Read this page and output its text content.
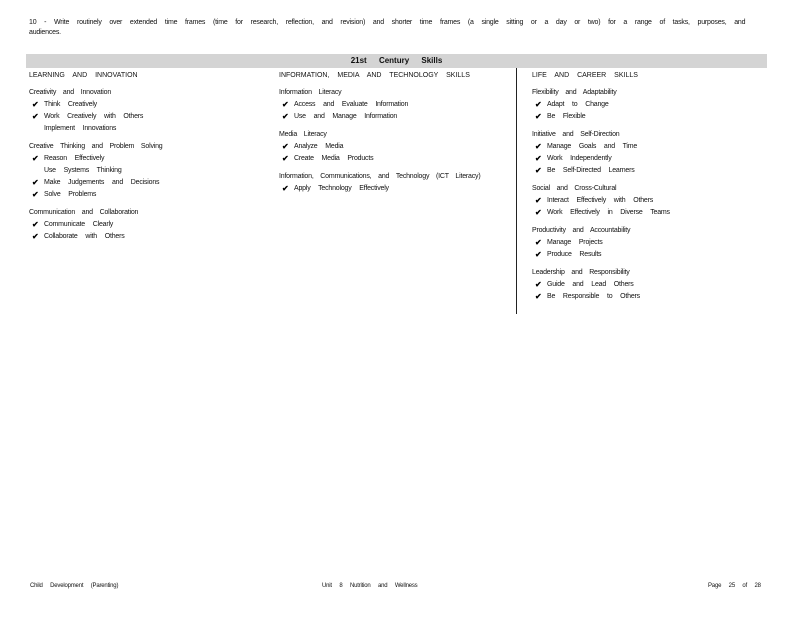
10 - Write routinely over extended time frames (time for research, reflection, and revision) and shorter time frames (a single sitting or a day or two) for a range of tasks, purposes, and audiences.
21st Century Skills
LEARNING AND INNOVATION
Creativity and Innovation
✔ Think Creatively
✔ Work Creatively with Others
Implement Innovations
Creative Thinking and Problem Solving
✔ Reason Effectively
Use Systems Thinking
✔ Make Judgements and Decisions
✔ Solve Problems
Communication and Collaboration
✔ Communicate Clearly
✔ Collaborate with Others
INFORMATION, MEDIA AND TECHNOLOGY SKILLS
Information Literacy
✔ Access and Evaluate Information
✔ Use and Manage Information
Media Literacy
✔ Analyze Media
✔ Create Media Products
Information, Communications, and Technology (ICT Literacy)
✔ Apply Technology Effectively
LIFE AND CAREER SKILLS
Flexibility and Adaptability
✔ Adapt to Change
✔ Be Flexible
Initiative and Self-Direction
✔ Manage Goals and Time
✔ Work Independently
✔ Be Self-Directed Learners
Social and Cross-Cultural
✔ Interact Effectively with Others
✔ Work Effectively in Diverse Teams
Productivity and Accountability
✔ Manage Projects
✔ Produce Results
Leadership and Responsibility
✔ Guide and Lead Others
✔ Be Responsible to Others
Child Development (Parenting)	Unit 8 Nutrition and Wellness	Page 25 of 28
